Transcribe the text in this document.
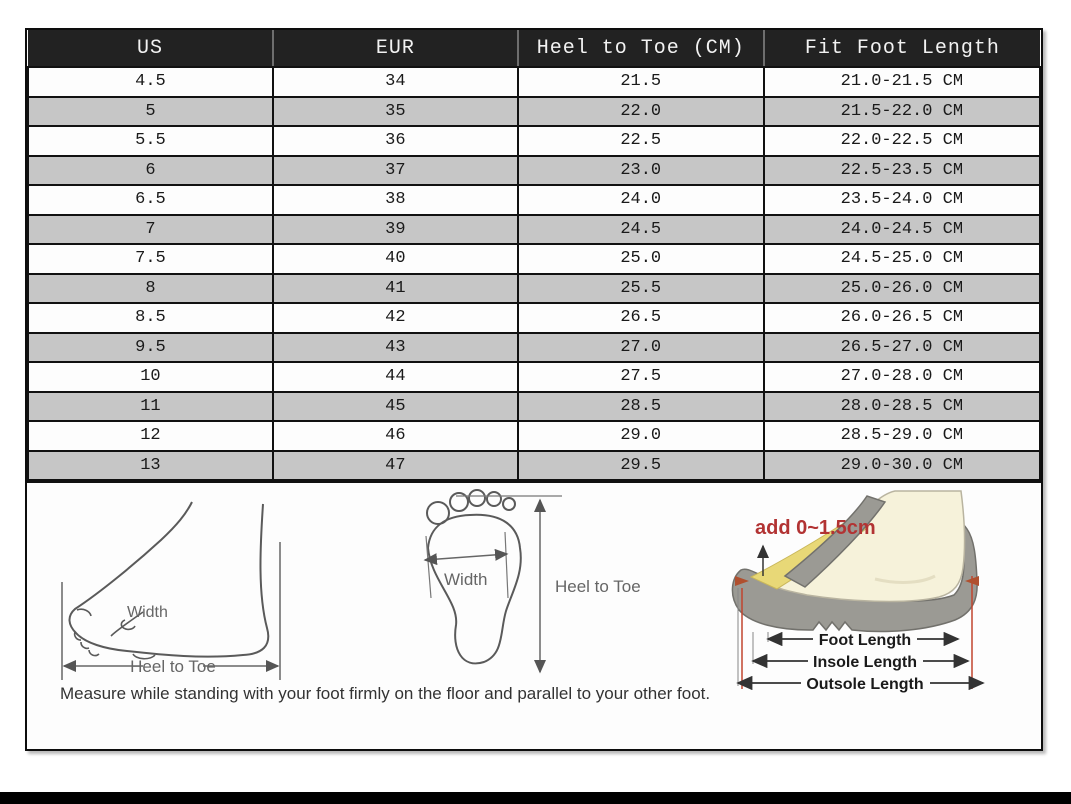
US	EUR	Heel to Toe (CM)	Fit Foot Length
4.5	34	21.5	21.0-21.5 CM
5	35	22.0	21.5-22.0 CM
5.5	36	22.5	22.0-22.5 CM
6	37	23.0	22.5-23.5 CM
6.5	38	24.0	23.5-24.0 CM
7	39	24.5	24.0-24.5 CM
7.5	40	25.0	24.5-25.0 CM
8	41	25.5	25.0-26.0 CM
8.5	42	26.5	26.0-26.5 CM
9.5	43	27.0	26.5-27.0 CM
10	44	27.5	27.0-28.0 CM
11	45	28.5	28.0-28.5 CM
12	46	29.0	28.5-29.0 CM
13	47	29.5	29.0-30.0 CM
Width
Heel to Toe
Width	Heel to Toe
add 0~1.5cm
Foot Length
Insole Length
Outsole Length

Measure while standing with your foot firmly on the floor and parallel to your other foot.
